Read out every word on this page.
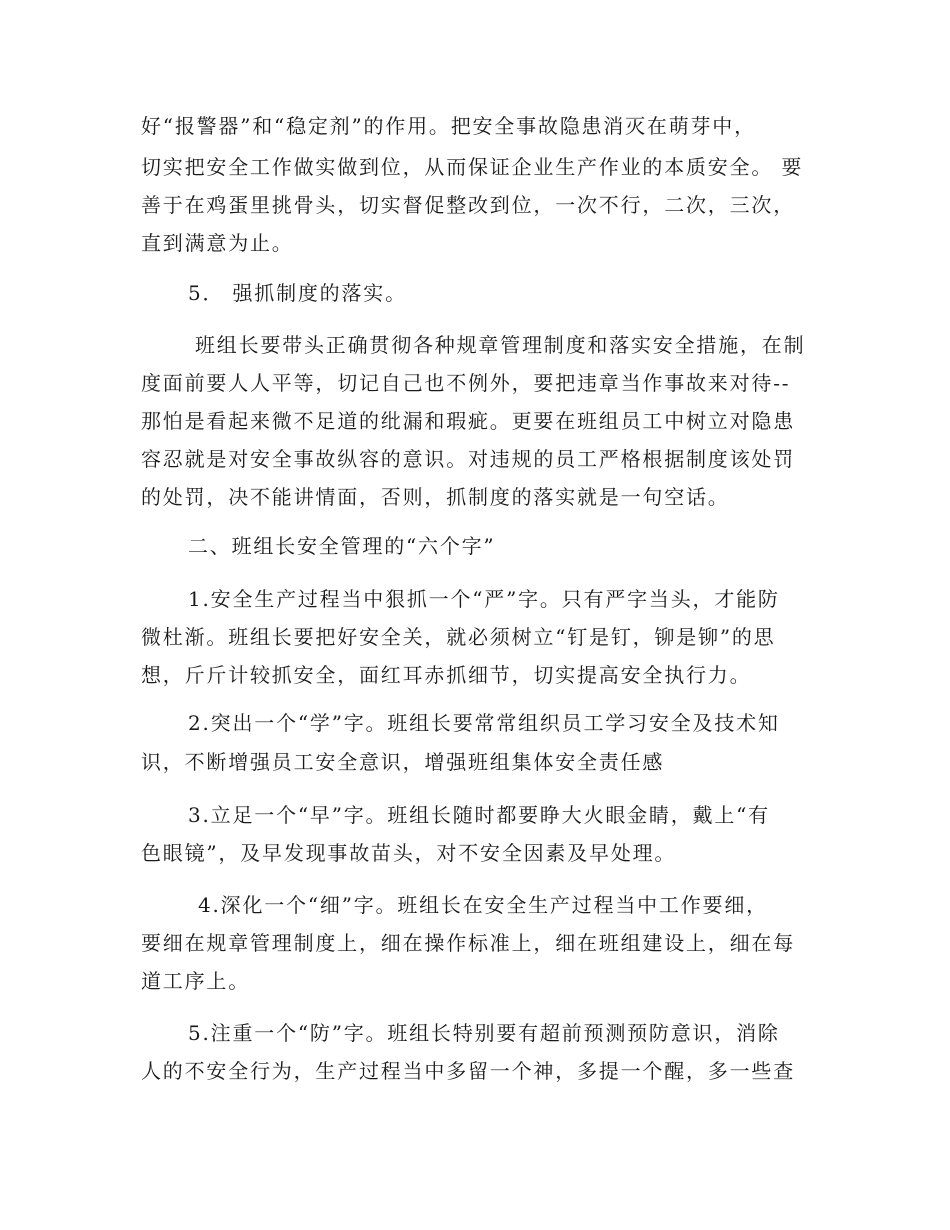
好“报警器”和“稳定剂”的作用。把安全事故隐患消灭在萌芽中，
切实把安全工作做实做到位，从而保证企业生产作业的本质安全。 要
善于在鸡蛋里挑骨头，切实督促整改到位，一次不行，二次，三次，
直到满意为止。
5． 强抓制度的落实。
班组长要带头正确贯彻各种规章管理制度和落实安全措施，在制
度面前要人人平等，切记自己也不例外，要把违章当作事故来对待--
那怕是看起来微不足道的纰漏和瑕疵。更要在班组员工中树立对隐患
容忍就是对安全事故纵容的意识。对违规的员工严格根据制度该处罚
的处罚，决不能讲情面，否则，抓制度的落实就是一句空话。
二、班组长安全管理的“六个字”
1.安全生产过程当中狠抓一个“严”字。只有严字当头，才能防
微杜渐。班组长要把好安全关，就必须树立“钉是钉，铆是铆”的思
想，斤斤计较抓安全，面红耳赤抓细节，切实提高安全执行力。
2.突出一个“学”字。班组长要常常组织员工学习安全及技术知
识，不断增强员工安全意识，增强班组集体安全责任感
3.立足一个“早”字。班组长随时都要睁大火眼金睛，戴上“有
色眼镜”，及早发现事故苗头，对不安全因素及早处理。
4.深化一个“细”字。班组长在安全生产过程当中工作要细，
要细在规章管理制度上，细在操作标准上，细在班组建设上，细在每
道工序上。
5.注重一个“防”字。班组长特别要有超前预测预防意识，消除
人的不安全行为，生产过程当中多留一个神，多提一个醒，多一些查
